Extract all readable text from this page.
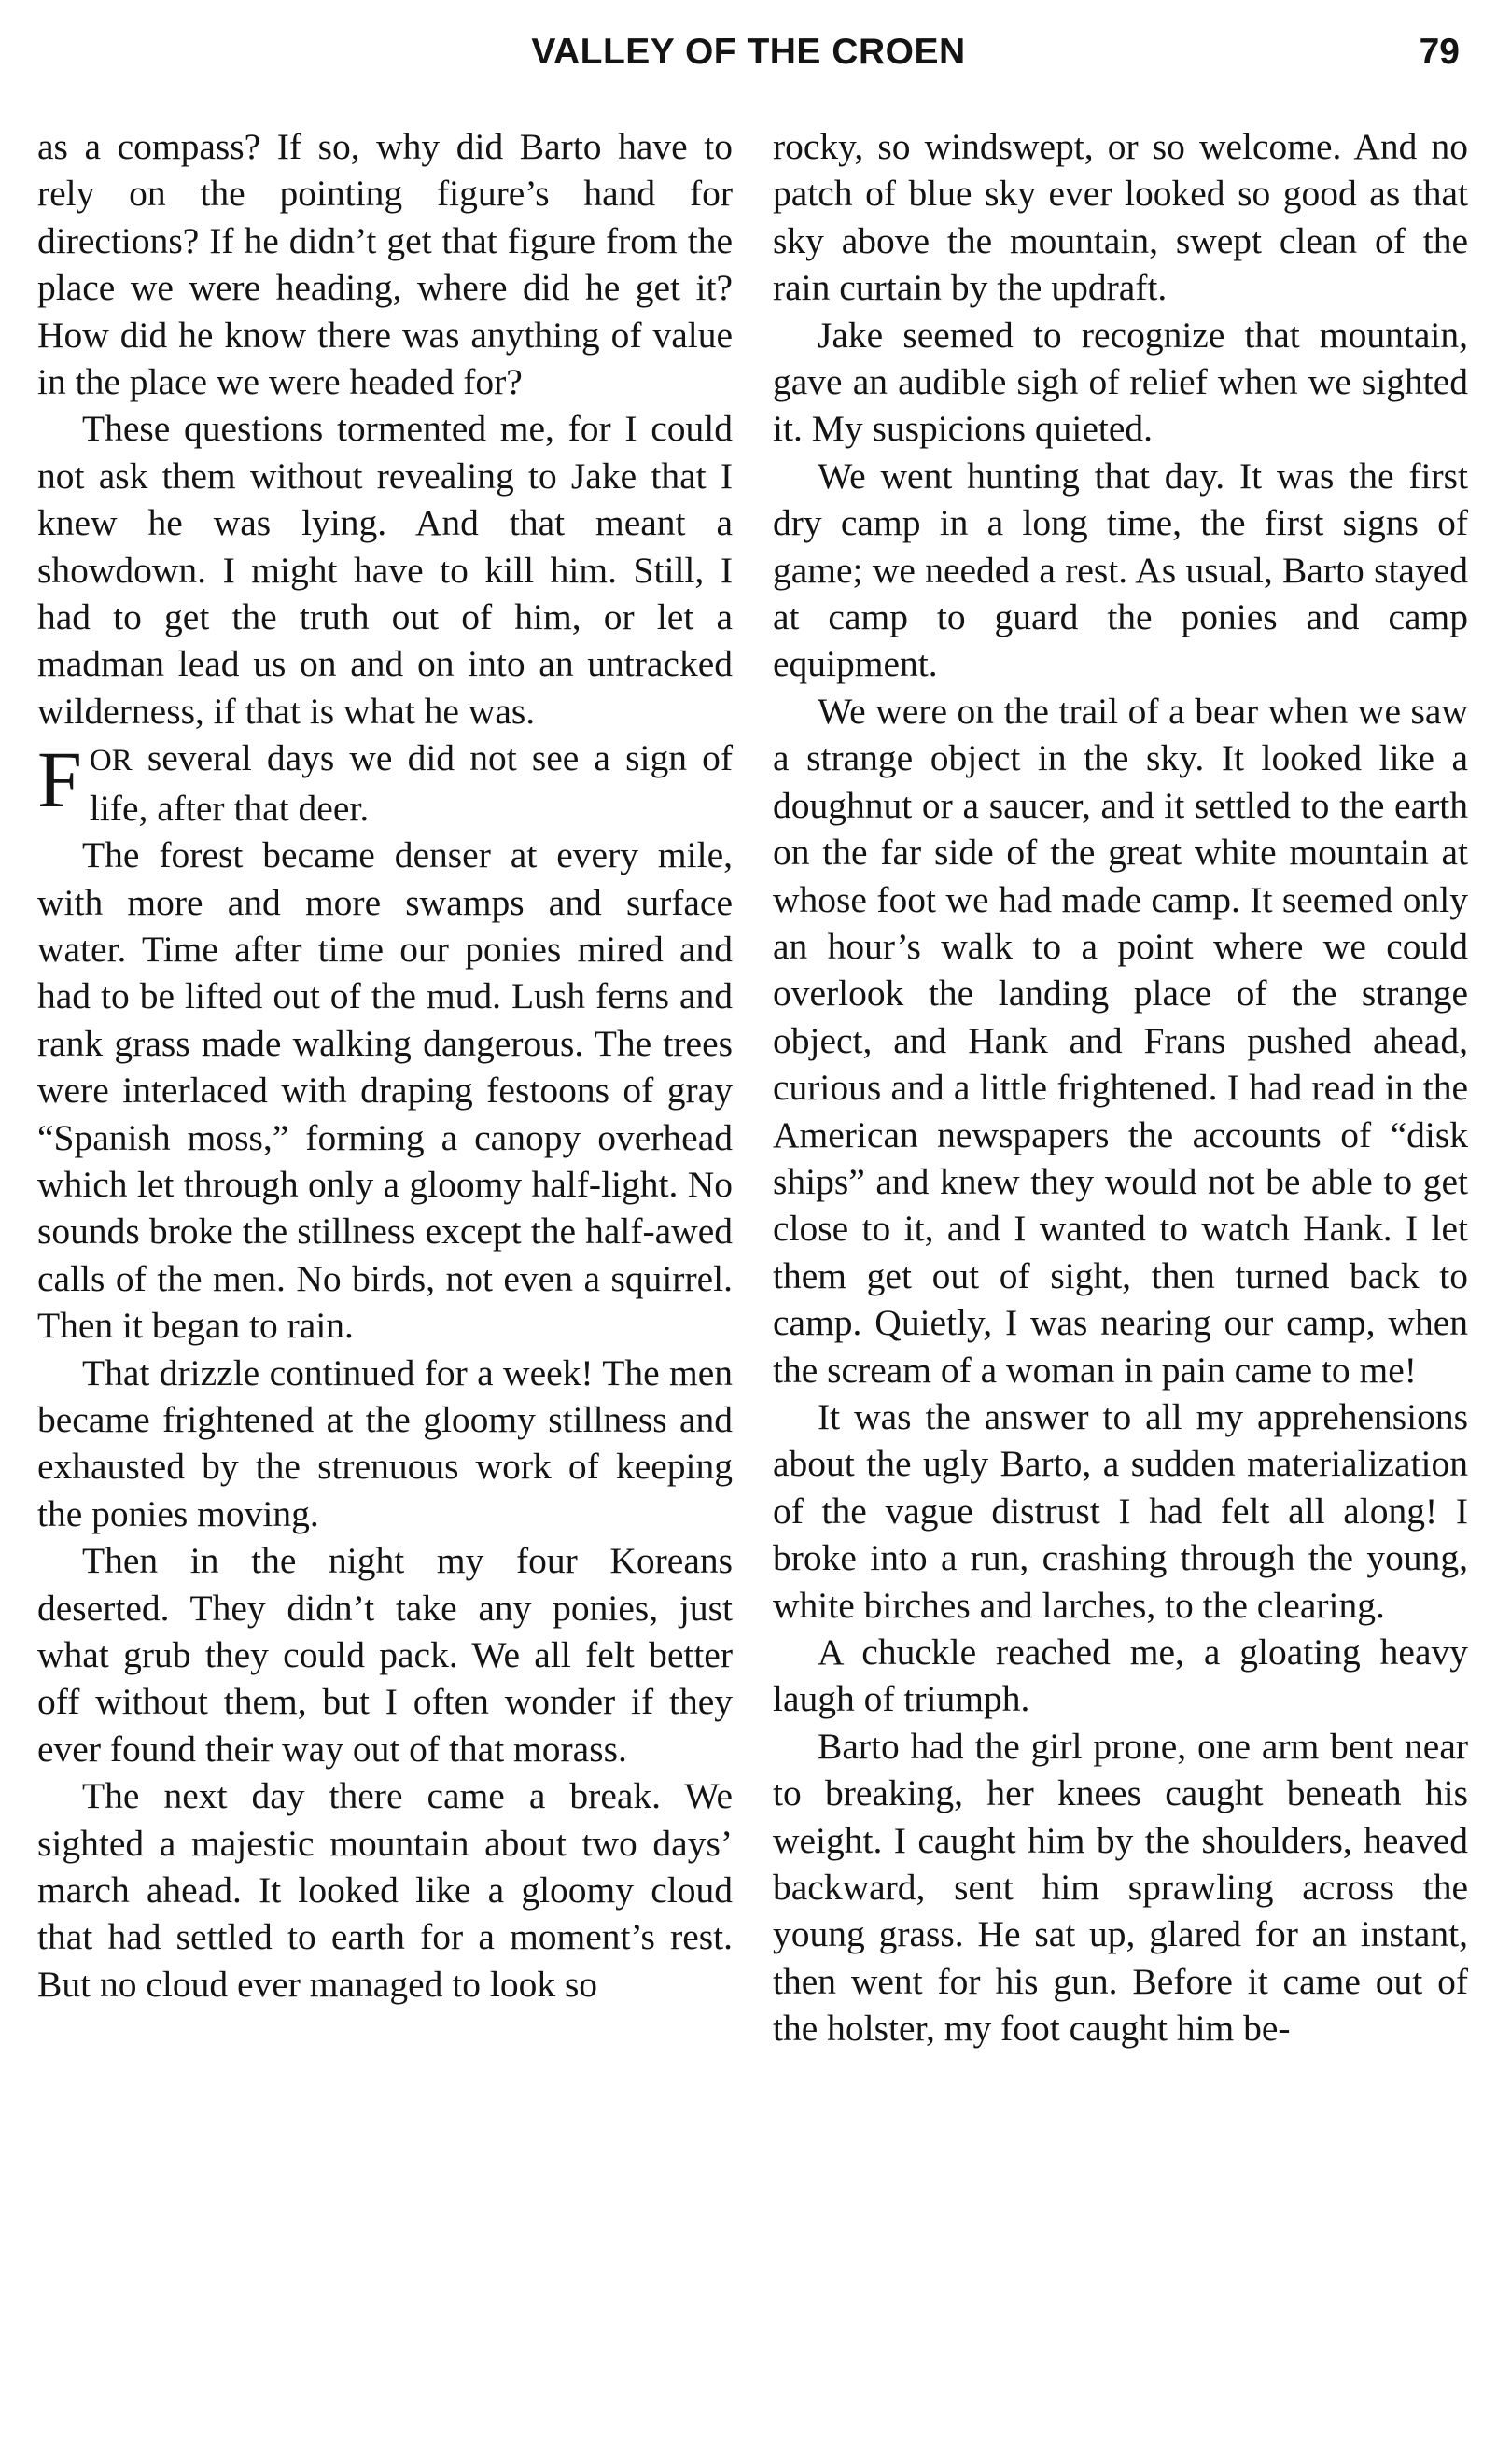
VALLEY OF THE CROEN	79

as a compass? If so, why did Barto have to rely on the pointing figure’s hand for directions? If he didn’t get that figure from the place we were heading, where did he get it? How did he know there was anything of value in the place we were headed for?

These questions tormented me, for I could not ask them without revealing to Jake that I knew he was lying. And that meant a showdown. I might have to kill him. Still, I had to get the truth out of him, or let a madman lead us on and on into an untracked wilderness, if that is what he was.

FOR several days we did not see a sign of life, after that deer.

The forest became denser at every mile, with more and more swamps and surface water. Time after time our ponies mired and had to be lifted out of the mud. Lush ferns and rank grass made walking dangerous. The trees were interlaced with draping festoons of gray “Spanish moss,” forming a canopy overhead which let through only a gloomy half-light. No sounds broke the stillness except the half-awed calls of the men. No birds, not even a squirrel. Then it began to rain.

That drizzle continued for a week! The men became frightened at the gloomy stillness and exhausted by the strenuous work of keeping the ponies moving.

Then in the night my four Koreans deserted. They didn’t take any ponies, just what grub they could pack. We all felt better off without them, but I often wonder if they ever found their way out of that morass.

The next day there came a break. We sighted a majestic mountain about two days’ march ahead. It looked like a gloomy cloud that had settled to earth for a moment’s rest. But no cloud ever managed to look so

rocky, so windswept, or so welcome. And no patch of blue sky ever looked so good as that sky above the mountain, swept clean of the rain curtain by the updraft.

Jake seemed to recognize that mountain, gave an audible sigh of relief when we sighted it. My suspicions quieted.

We went hunting that day. It was the first dry camp in a long time, the first signs of game; we needed a rest. As usual, Barto stayed at camp to guard the ponies and camp equipment.

We were on the trail of a bear when we saw a strange object in the sky. It looked like a doughnut or a saucer, and it settled to the earth on the far side of the great white mountain at whose foot we had made camp. It seemed only an hour’s walk to a point where we could overlook the landing place of the strange object, and Hank and Frans pushed ahead, curious and a little frightened. I had read in the American newspapers the accounts of “disk ships” and knew they would not be able to get close to it, and I wanted to watch Hank. I let them get out of sight, then turned back to camp. Quietly, I was nearing our camp, when the scream of a woman in pain came to me!

It was the answer to all my apprehensions about the ugly Barto, a sudden materialization of the vague distrust I had felt all along! I broke into a run, crashing through the young, white birches and larches, to the clearing.

A chuckle reached me, a gloating heavy laugh of triumph.

Barto had the girl prone, one arm bent near to breaking, her knees caught beneath his weight. I caught him by the shoulders, heaved backward, sent him sprawling across the young grass. He sat up, glared for an instant, then went for his gun. Before it came out of the holster, my foot caught him be-
